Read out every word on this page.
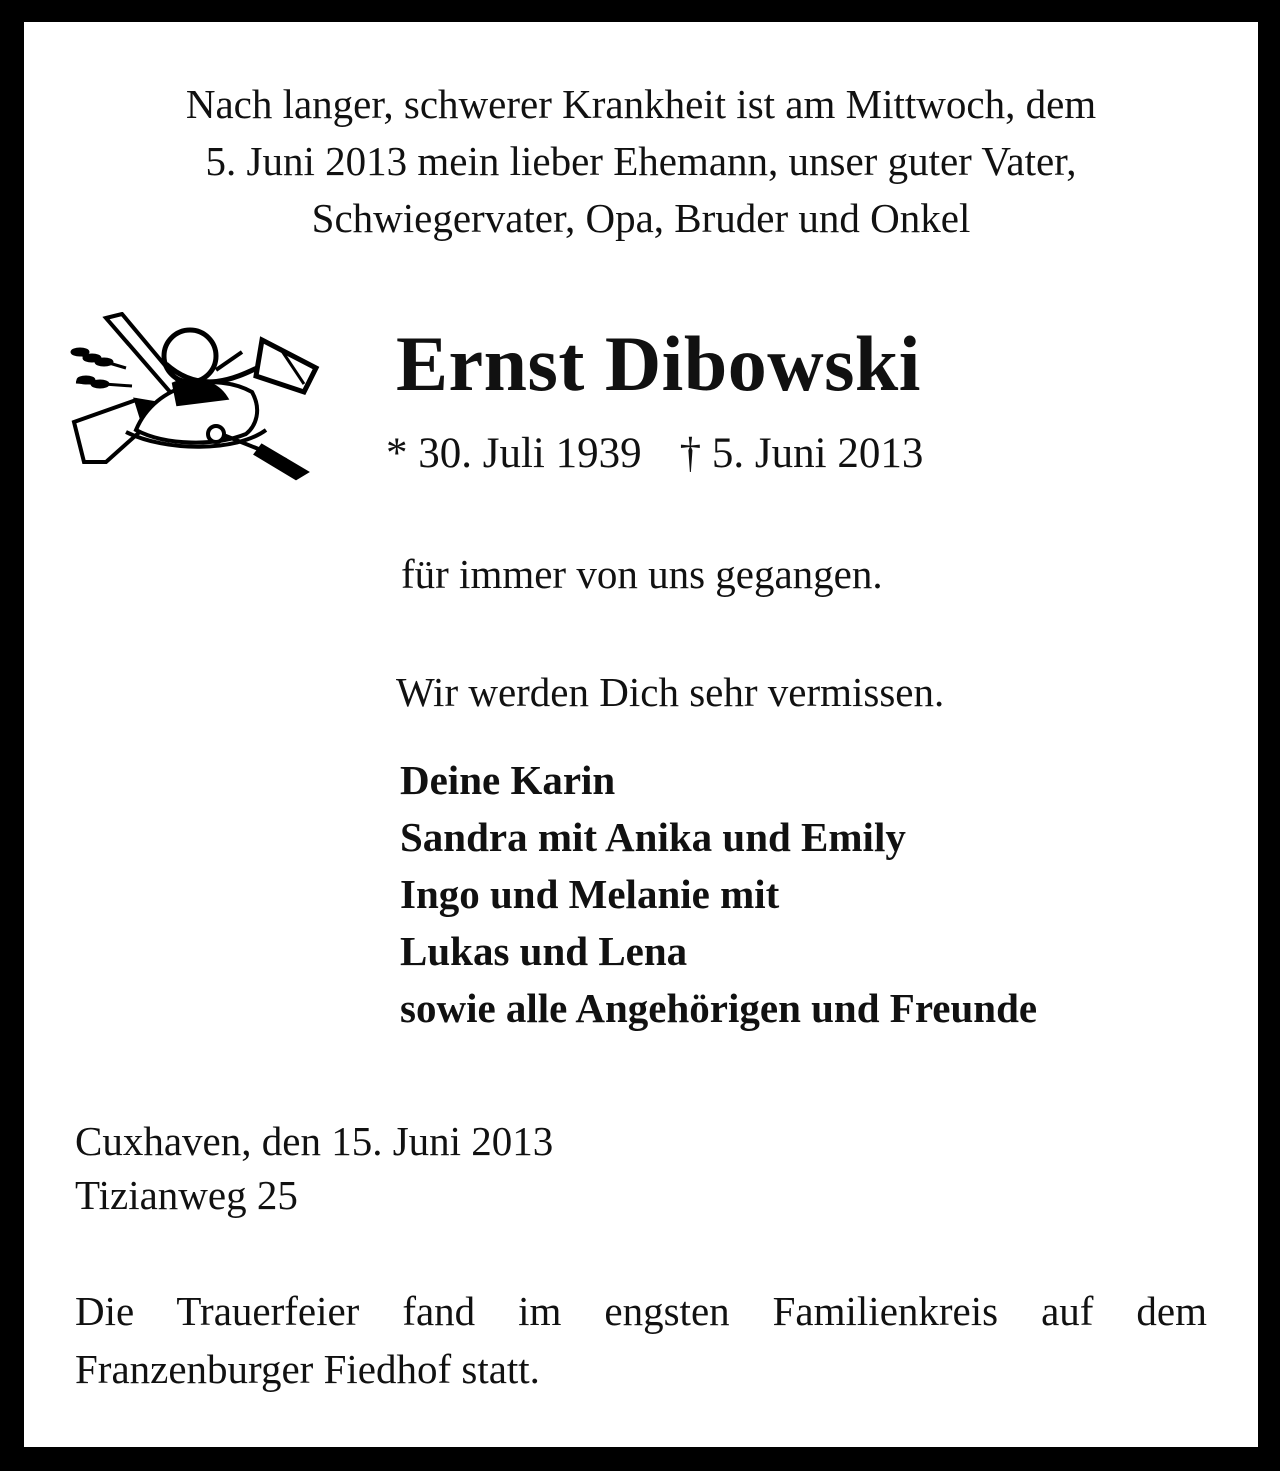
Nach langer, schwerer Krankheit ist am Mittwoch, dem
5. Juni 2013 mein lieber Ehemann, unser guter Vater,
Schwiegervater, Opa, Bruder und Onkel
Ernst Dibowski
* 30. Juli 1939 † 5. Juni 2013
für immer von uns gegangen.
Wir werden Dich sehr vermissen.
Deine Karin
Sandra mit Anika und Emily
Ingo und Melanie mit
Lukas und Lena
sowie alle Angehörigen und Freunde
Cuxhaven, den 15. Juni 2013
Tizianweg 25
Die Trauerfeier fand im engsten Familienkreis auf dem
Franzenburger Fiedhof statt.
